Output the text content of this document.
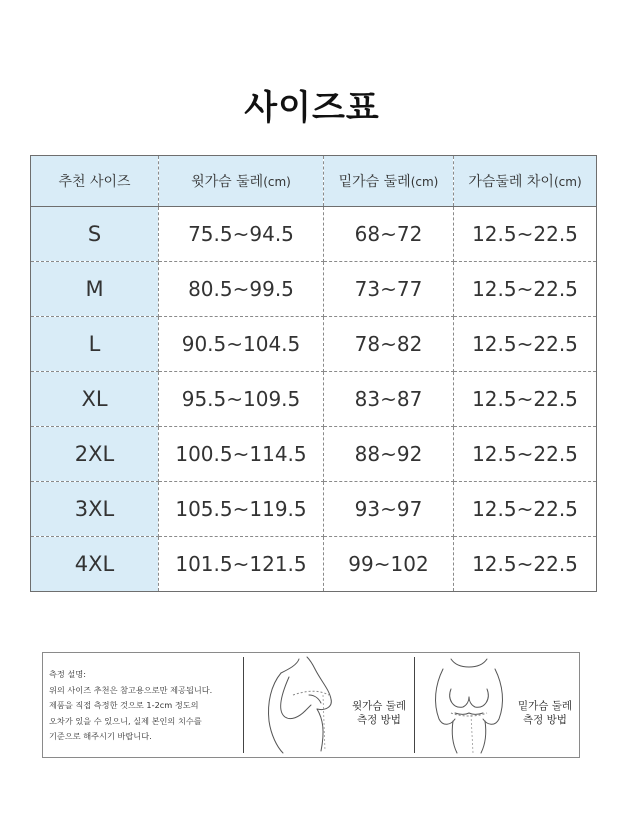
사이즈표
추천 사이즈	윗가슴 둘레(cm)	밑가슴 둘레(cm)	가슴둘레 차이(cm)
S	75.5~94.5	68~72	12.5~22.5
M	80.5~99.5	73~77	12.5~22.5
L	90.5~104.5	78~82	12.5~22.5
XL	95.5~109.5	83~87	12.5~22.5
2XL	100.5~114.5	88~92	12.5~22.5
3XL	105.5~119.5	93~97	12.5~22.5
4XL	101.5~121.5	99~102	12.5~22.5
측정 설명:
위의 사이즈 추천은 참고용으로만 제공됩니다.
제품을 직접 측정한 것으로 1-2cm 정도의
오차가 있을 수 있으니, 실제 본인의 치수를
기준으로 해주시기 바랍니다.
윗가슴 둘레
측정 방법
밑가슴 둘레
측정 방법
